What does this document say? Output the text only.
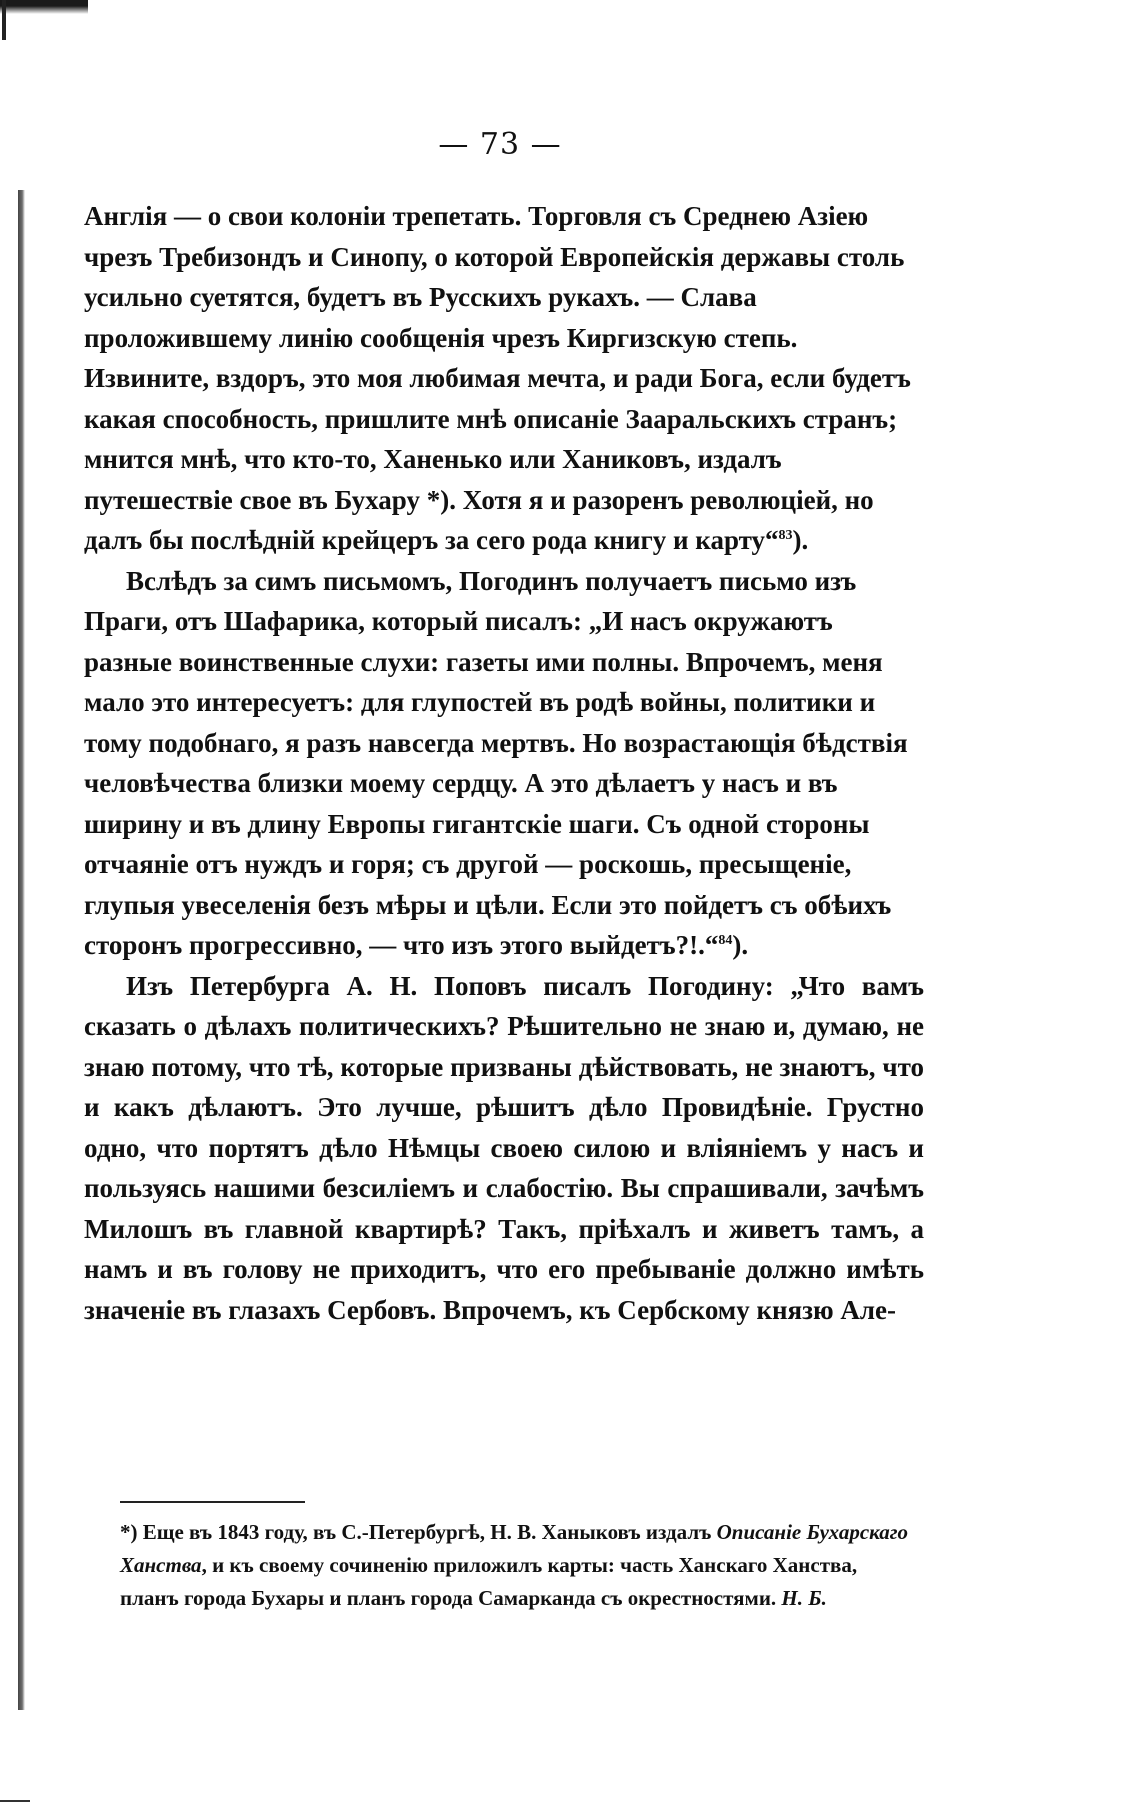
— 73 —

Англія — о свои колоніи трепетать. Торговля съ Среднею Азіею чрезъ Требизондъ и Синопу, о которой Европейскія державы столь усильно суетятся, будетъ въ Русскихъ рукахъ. — Слава проложившему линію сообщенія чрезъ Киргизскую степь. Извините, вздоръ, это моя любимая мечта, и ради Бога, если будетъ какая способность, пришлите мнѣ описаніе Заарaльскихъ странъ; мнится мнѣ, что кто-то, Ханенько или Ханиковъ, издалъ путешествіе свое въ Бухару *). Хотя я и разоренъ революціей, но далъ бы послѣдній крейцеръ за сего рода книгу и карту“$^{83}$).

Вслѣдъ за симъ письмомъ, Погодинъ получаетъ письмо изъ Праги, отъ Шафарика, который писалъ: „И насъ окружаютъ разные воинственные слухи: газеты ими полны. Впрочемъ, меня мало это интересуетъ: для глупостей въ родѣ войны, политики и тому подобнаго, я разъ навсегда мертвъ. Но возрастающія бѣдствія человѣчества близки моему сердцу. А это дѣлаетъ у насъ и въ ширину и въ длину Европы гигантскіе шаги. Съ одной стороны отчаяніе отъ нуждъ и горя; съ другой — роскошь, пресыщеніе, глупыя увеселенія безъ мѣры и цѣли. Если это пойдетъ съ обѣихъ сторонъ прогрессивно, — что изъ этого выйдетъ?!.“$^{84}$).

Изъ Петербурга А. Н. Поповъ писалъ Погодину: „Что вамъ сказать о дѣлахъ политическихъ? Рѣшительно не знаю и, думаю, не знаю потому, что тѣ, которые призваны дѣйствовать, не знаютъ, что и какъ дѣлаютъ. Это лучше, рѣшитъ дѣло Провидѣніе. Грустно одно, что портятъ дѣло Нѣмцы своею силою и вліяніемъ у насъ и пользуясь нашими безсиліемъ и слабостію. Вы спрашивали, зачѣмъ Милошъ въ главной квартирѣ? Такъ, пріѣхалъ и живетъ тамъ, а намъ и въ голову не приходитъ, что его пребываніе должно имѣть значеніе въ глазахъ Сербовъ. Впрочемъ, къ Сербскому князю Але-

*) Еще въ 1843 году, въ С.-Петербургѣ, Н. В. Ханыковъ издалъ Описаніе Бухарскаго Ханства, и къ своему сочиненію приложилъ карты: часть Ханскаго Ханства, планъ города Бухары и планъ города Самарканда съ окрестностями. Н. Б.
